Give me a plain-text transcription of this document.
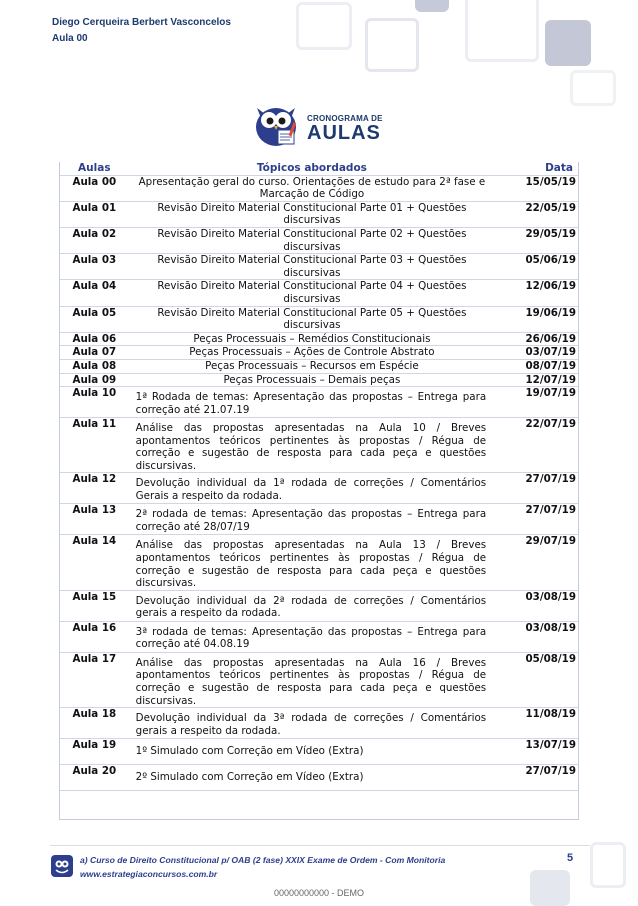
Diego Cerqueira Berbert Vasconcelos
Aula 00
CRONOGRAMA DE
AULAS
Aulas	Tópicos abordados	Data
Aula 00	Apresentação geral do curso. Orientações de estudo para 2ª fase e Marcação de Código	15/05/19
Aula 01	Revisão Direito Material Constitucional Parte 01 + Questões discursivas	22/05/19
Aula 02	Revisão Direito Material Constitucional Parte 02 + Questões discursivas	29/05/19
Aula 03	Revisão Direito Material Constitucional Parte 03 + Questões discursivas	05/06/19
Aula 04	Revisão Direito Material Constitucional Parte 04 + Questões discursivas	12/06/19
Aula 05	Revisão Direito Material Constitucional Parte 05 + Questões discursivas	19/06/19
Aula 06	Peças Processuais – Remédios Constitucionais	26/06/19
Aula 07	Peças Processuais – Ações de Controle Abstrato	03/07/19
Aula 08	Peças Processuais – Recursos em Espécie	08/07/19
Aula 09	Peças Processuais – Demais peças	12/07/19
Aula 10	1ª Rodada de temas: Apresentação das propostas – Entrega para correção até 21.07.19	19/07/19
Aula 11	Análise das propostas apresentadas na Aula 10 / Breves apontamentos teóricos pertinentes às propostas / Régua de correção e sugestão de resposta para cada peça e questões discursivas.	22/07/19
Aula 12	Devolução individual da 1ª rodada de correções / Comentários Gerais a respeito da rodada.	27/07/19
Aula 13	2ª rodada de temas: Apresentação das propostas – Entrega para correção até 28/07/19	27/07/19
Aula 14	Análise das propostas apresentadas na Aula 13 / Breves apontamentos teóricos pertinentes às propostas / Régua de correção e sugestão de resposta para cada peça e questões discursivas.	29/07/19
Aula 15	Devolução individual da 2ª rodada de correções / Comentários gerais a respeito da rodada.	03/08/19
Aula 16	3ª rodada de temas: Apresentação das propostas – Entrega para correção até 04.08.19	03/08/19
Aula 17	Análise das propostas apresentadas na Aula 16 / Breves apontamentos teóricos pertinentes às propostas / Régua de correção e sugestão de resposta para cada peça e questões discursivas.	05/08/19
Aula 18	Devolução individual da 3ª rodada de correções / Comentários gerais a respeito da rodada.	11/08/19
Aula 19	1º Simulado com Correção em Vídeo (Extra)	13/07/19
Aula 20	2º Simulado com Correção em Vídeo (Extra)	27/07/19
a) Curso de Direito Constitucional p/ OAB (2 fase) XXIX Exame de Ordem - Com Monitoria
www.estrategiaconcursos.com.br
5
00000000000 - DEMO
